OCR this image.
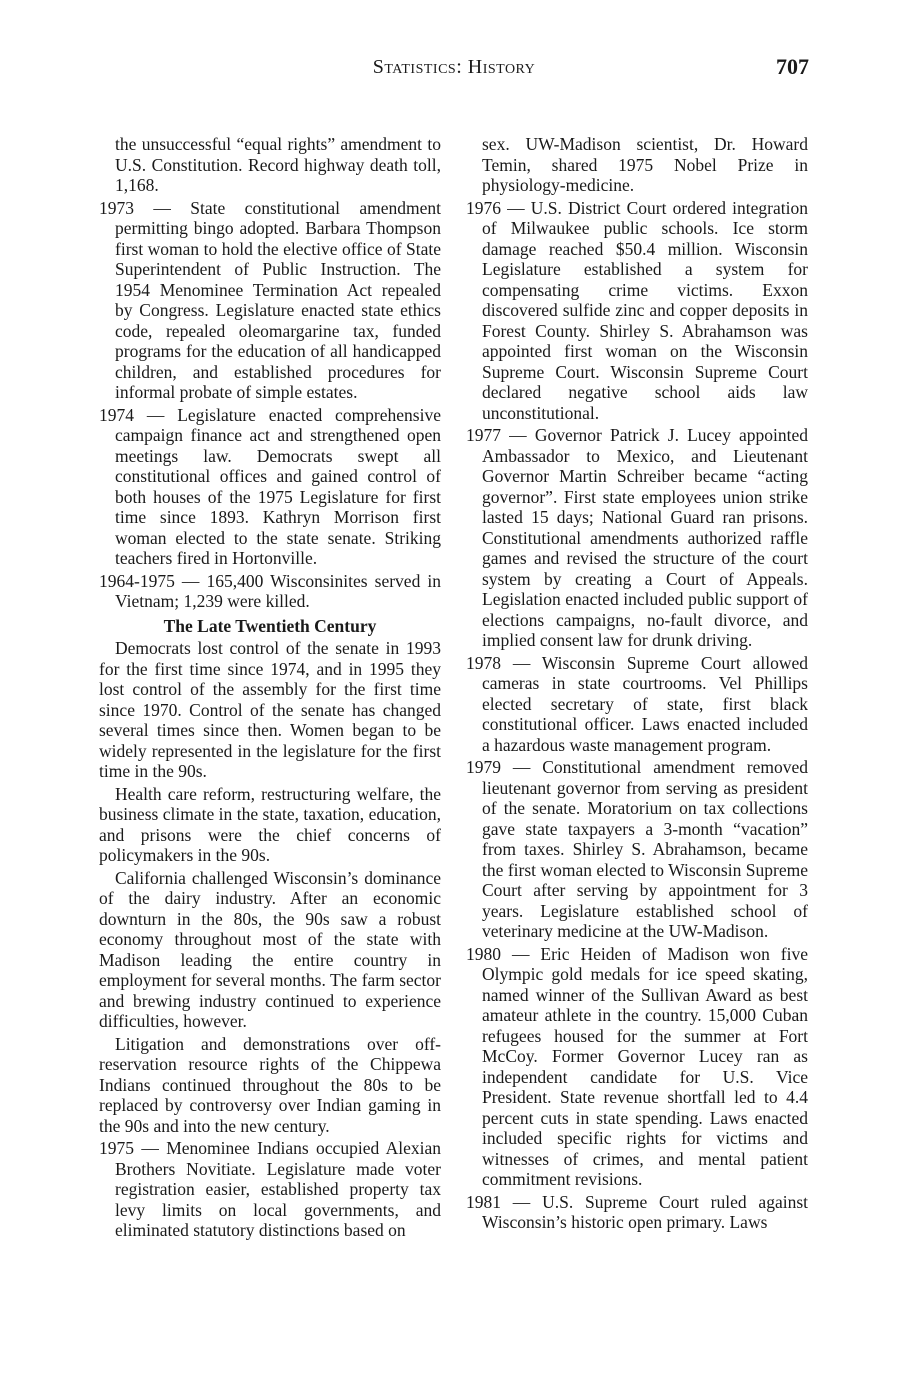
Statistics: History	707

the unsuccessful “equal rights” amendment to U.S. Constitution. Record highway death toll, 1,168.

1973 — State constitutional amendment permitting bingo adopted. Barbara Thompson first woman to hold the elective office of State Superintendent of Public Instruction. The 1954 Menominee Termination Act repealed by Congress. Legislature enacted state ethics code, repealed oleomargarine tax, funded programs for the education of all handicapped children, and established procedures for informal probate of simple estates.

1974 — Legislature enacted comprehensive campaign finance act and strengthened open meetings law. Democrats swept all constitutional offices and gained control of both houses of the 1975 Legislature for first time since 1893. Kathryn Morrison first woman elected to the state senate. Striking teachers fired in Hortonville.

1964-1975 — 165,400 Wisconsinites served in Vietnam; 1,239 were killed.

The Late Twentieth Century

Democrats lost control of the senate in 1993 for the first time since 1974, and in 1995 they lost control of the assembly for the first time since 1970. Control of the senate has changed several times since then. Women began to be widely represented in the legislature for the first time in the 90s.

Health care reform, restructuring welfare, the business climate in the state, taxation, education, and prisons were the chief concerns of policymakers in the 90s.

California challenged Wisconsin’s dominance of the dairy industry. After an economic downturn in the 80s, the 90s saw a robust economy throughout most of the state with Madison leading the entire country in employment for several months. The farm sector and brewing industry continued to experience difficulties, however.

Litigation and demonstrations over off-reservation resource rights of the Chippewa Indians continued throughout the 80s to be replaced by controversy over Indian gaming in the 90s and into the new century.

1975 — Menominee Indians occupied Alexian Brothers Novitiate. Legislature made voter registration easier, established property tax levy limits on local governments, and eliminated statutory distinctions based on

sex. UW-Madison scientist, Dr. Howard Temin, shared 1975 Nobel Prize in physiology-medicine.

1976 — U.S. District Court ordered integration of Milwaukee public schools. Ice storm damage reached $50.4 million. Wisconsin Legislature established a system for compensating crime victims. Exxon discovered sulfide zinc and copper deposits in Forest County. Shirley S. Abrahamson was appointed first woman on the Wisconsin Supreme Court. Wisconsin Supreme Court declared negative school aids law unconstitutional.

1977 — Governor Patrick J. Lucey appointed Ambassador to Mexico, and Lieutenant Governor Martin Schreiber became “acting governor”. First state employees union strike lasted 15 days; National Guard ran prisons. Constitutional amendments authorized raffle games and revised the structure of the court system by creating a Court of Appeals. Legislation enacted included public support of elections campaigns, no-fault divorce, and implied consent law for drunk driving.

1978 — Wisconsin Supreme Court allowed cameras in state courtrooms. Vel Phillips elected secretary of state, first black constitutional officer. Laws enacted included a hazardous waste management program.

1979 — Constitutional amendment removed lieutenant governor from serving as president of the senate. Moratorium on tax collections gave state taxpayers a 3-month “vacation” from taxes. Shirley S. Abrahamson, became the first woman elected to Wisconsin Supreme Court after serving by appointment for 3 years. Legislature established school of veterinary medicine at the UW-Madison.

1980 — Eric Heiden of Madison won five Olympic gold medals for ice speed skating, named winner of the Sullivan Award as best amateur athlete in the country. 15,000 Cuban refugees housed for the summer at Fort McCoy. Former Governor Lucey ran as independent candidate for U.S. Vice President. State revenue shortfall led to 4.4 percent cuts in state spending. Laws enacted included specific rights for victims and witnesses of crimes, and mental patient commitment revisions.

1981 — U.S. Supreme Court ruled against Wisconsin’s historic open primary. Laws
